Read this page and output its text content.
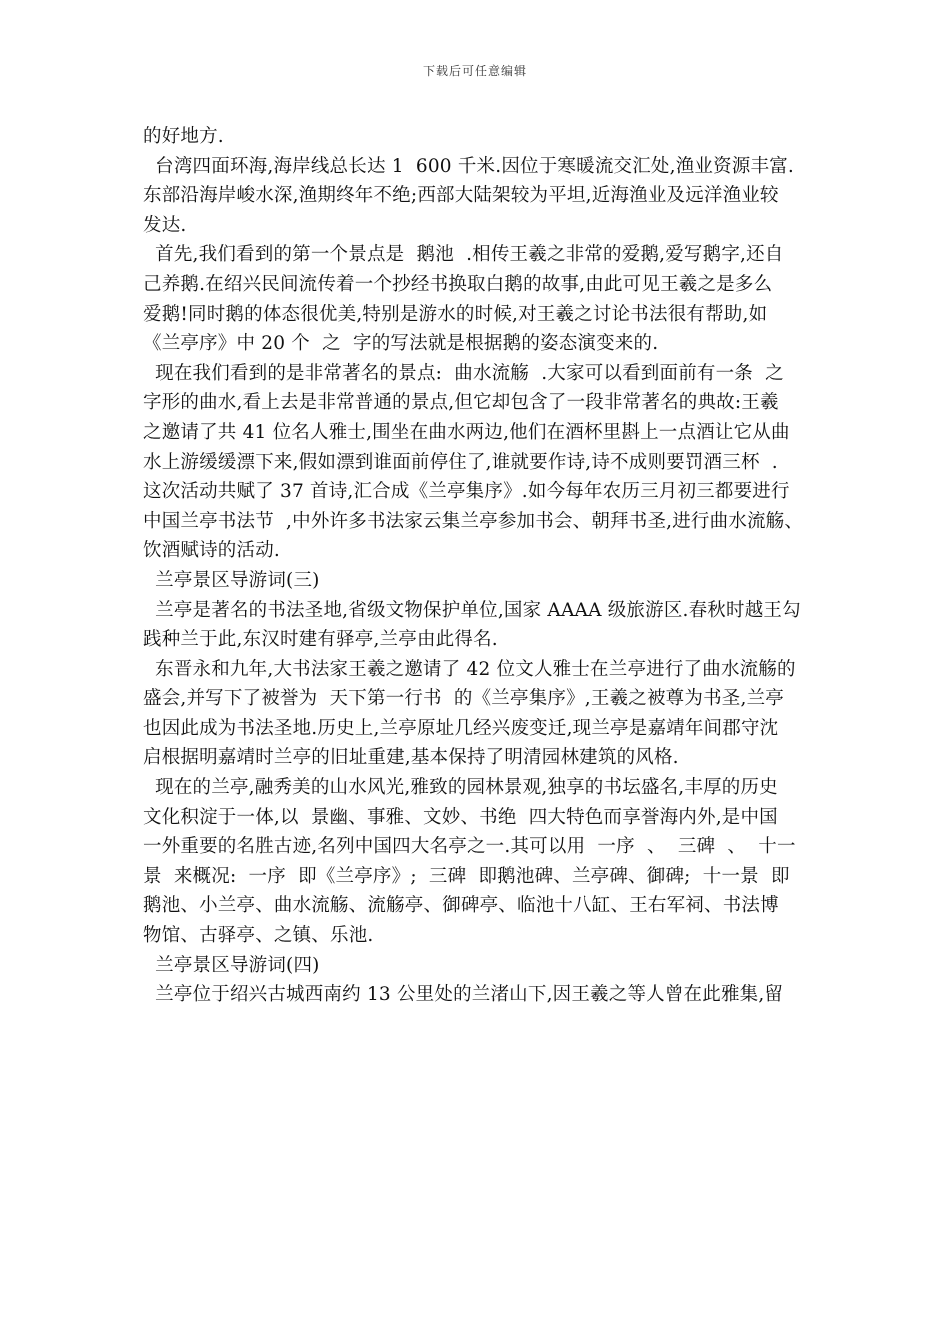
下载后可任意编辑
的好地方.
台湾四面环海,海岸线总长达 1  600 千米.因位于寒暖流交汇处,渔业资源丰富.
东部沿海岸峻水深,渔期终年不绝;西部大陆架较为平坦,近海渔业及远洋渔业较
发达.
首先,我们看到的第一个景点是  鹅池  .相传王羲之非常的爱鹅,爱写鹅字,还自
己养鹅.在绍兴民间流传着一个抄经书换取白鹅的故事,由此可见王羲之是多么
爱鹅!同时鹅的体态很优美,特别是游水的时候,对王羲之讨论书法很有帮助,如
《兰亭序》中 20 个  之  字的写法就是根据鹅的姿态演变来的.
现在我们看到的是非常著名的景点:  曲水流觞  .大家可以看到面前有一条  之
字形的曲水,看上去是非常普通的景点,但它却包含了一段非常著名的典故:王羲
之邀请了共 41 位名人雅士,围坐在曲水两边,他们在酒杯里斟上一点酒让它从曲
水上游缓缓漂下来,假如漂到谁面前停住了,谁就要作诗,诗不成则要罚酒三杯  .
这次活动共赋了 37 首诗,汇合成《兰亭集序》.如今每年农历三月初三都要进行
中国兰亭书法节  ,中外许多书法家云集兰亭参加书会、朝拜书圣,进行曲水流觞、
饮酒赋诗的活动.
兰亭景区导游词(三)
兰亭是著名的书法圣地,省级文物保护单位,国家 AAAA 级旅游区.春秋时越王勾
践种兰于此,东汉时建有驿亭,兰亭由此得名.
东晋永和九年,大书法家王羲之邀请了 42 位文人雅士在兰亭进行了曲水流觞的
盛会,并写下了被誉为  天下第一行书  的《兰亭集序》,王羲之被尊为书圣,兰亭
也因此成为书法圣地.历史上,兰亭原址几经兴废变迁,现兰亭是嘉靖年间郡守沈
启根据明嘉靖时兰亭的旧址重建,基本保持了明清园林建筑的风格.
现在的兰亭,融秀美的山水风光,雅致的园林景观,独享的书坛盛名,丰厚的历史
文化积淀于一体,以  景幽、事雅、文妙、书绝  四大特色而享誉海内外,是中国
一外重要的名胜古迹,名列中国四大名亭之一.其可以用  一序  、  三碑  、  十一
景  来概况:  一序  即《兰亭序》;  三碑  即鹅池碑、兰亭碑、御碑;  十一景  即
鹅池、小兰亭、曲水流觞、流觞亭、御碑亭、临池十八缸、王右军祠、书法博
物馆、古驿亭、之镇、乐池.
兰亭景区导游词(四)
兰亭位于绍兴古城西南约 13 公里处的兰渚山下,因王羲之等人曾在此雅集,留
